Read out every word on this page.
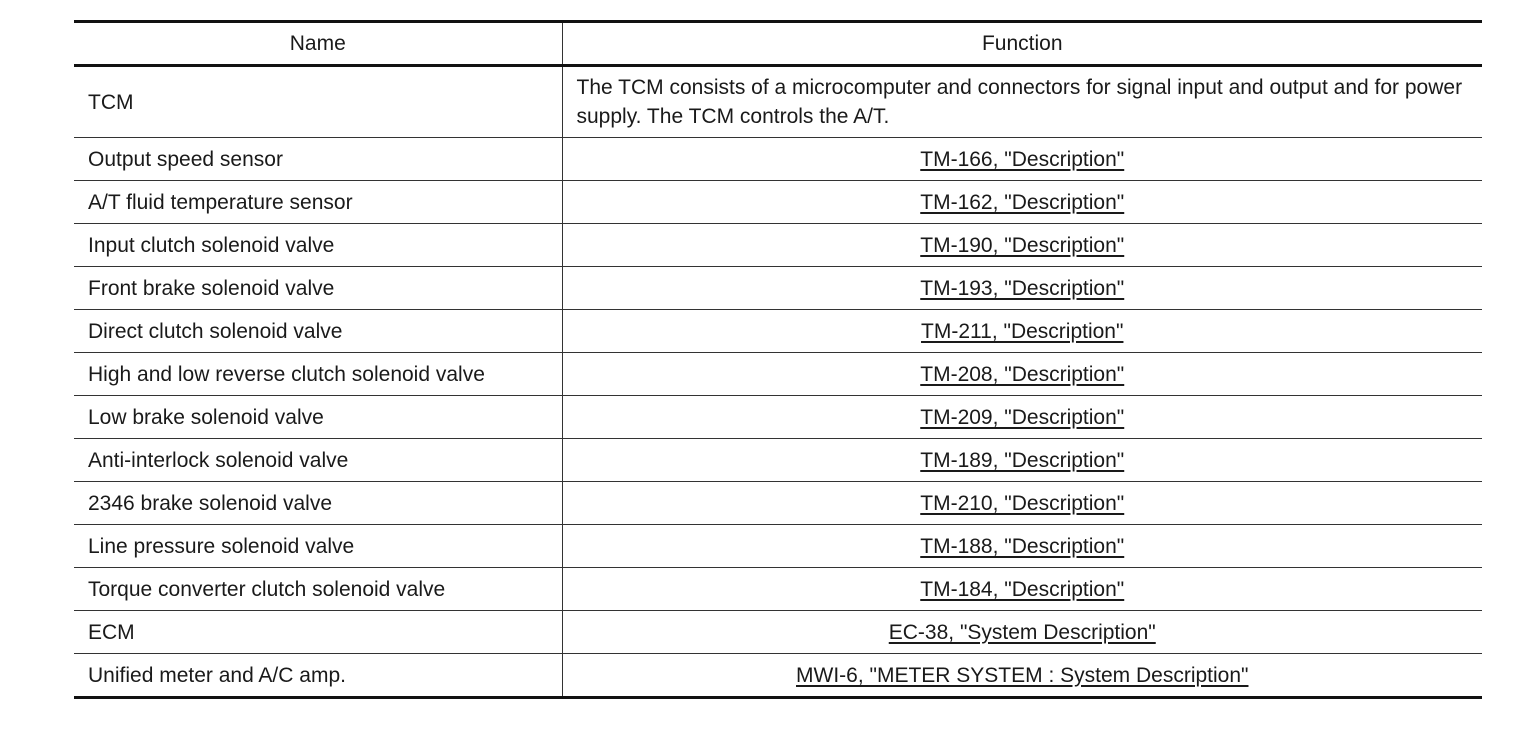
Name	Function
TCM	The TCM consists of a microcomputer and connectors for signal input and output and for power supply. The TCM controls the A/T.
Output speed sensor	TM-166, "Description"
A/T fluid temperature sensor	TM-162, "Description"
Input clutch solenoid valve	TM-190, "Description"
Front brake solenoid valve	TM-193, "Description"
Direct clutch solenoid valve	TM-211, "Description"
High and low reverse clutch solenoid valve	TM-208, "Description"
Low brake solenoid valve	TM-209, "Description"
Anti-interlock solenoid valve	TM-189, "Description"
2346 brake solenoid valve	TM-210, "Description"
Line pressure solenoid valve	TM-188, "Description"
Torque converter clutch solenoid valve	TM-184, "Description"
ECM	EC-38, "System Description"
Unified meter and A/C amp.	MWI-6, "METER SYSTEM : System Description"
